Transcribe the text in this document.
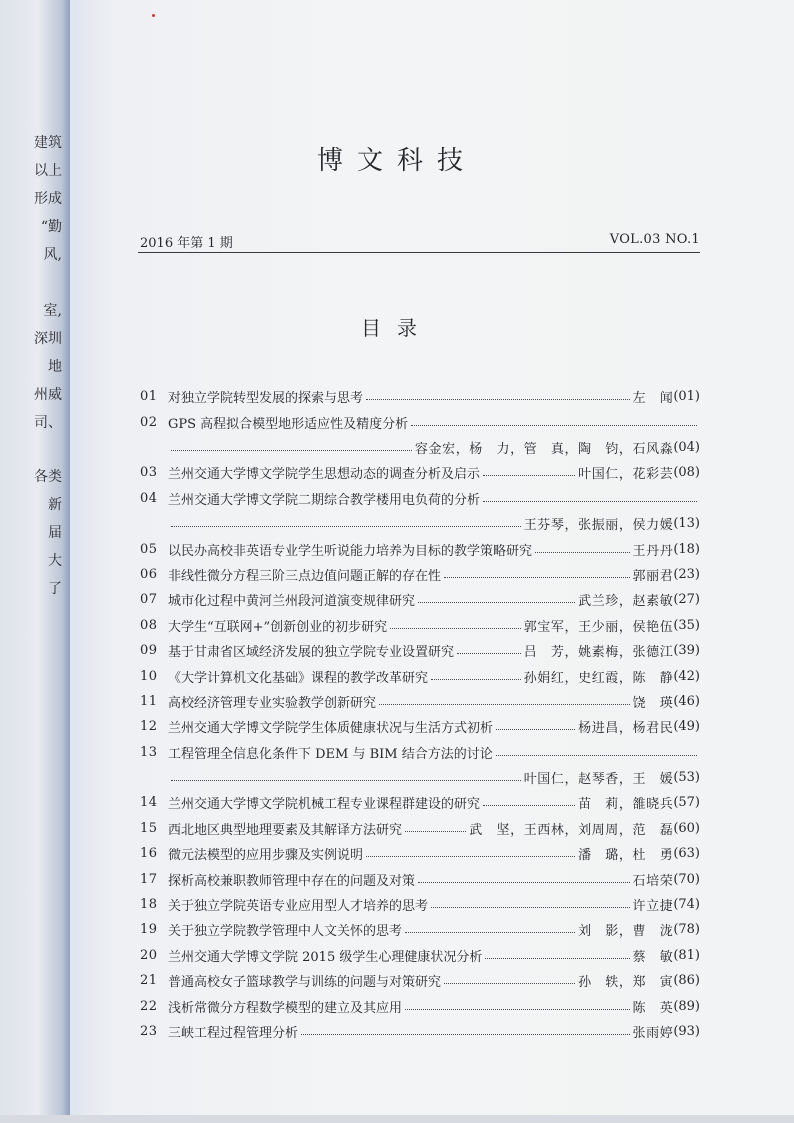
建筑
以上
形成
“勤
风,
室,
深圳
地
州威
司、
各类
新
届
大
了
博文科技
2016 年第 1 期	VOL.03 NO.1
目录
01 对独立学院转型发展的探索与思考	左　闻 (01)
02 GPS 高程拟合模型地形适应性及精度分析
容金宏，杨　力，管　真，陶　钧，石风淼 (04)
03 兰州交通大学博文学院学生思想动态的调查分析及启示	叶国仁，花彩芸 (08)
04 兰州交通大学博文学院二期综合教学楼用电负荷的分析
王芬琴，张振丽，侯力媛 (13)
05 以民办高校非英语专业学生听说能力培养为目标的教学策略研究	王丹丹 (18)
06 非线性微分方程三阶三点边值问题正解的存在性	郭丽君 (23)
07 城市化过程中黄河兰州段河道演变规律研究	武兰珍，赵素敏 (27)
08 大学生“互联网+”创新创业的初步研究	郭宝军，王少丽，侯艳伍 (35)
09 基于甘肃省区域经济发展的独立学院专业设置研究	吕　芳，姚素梅，张德江 (39)
10 《大学计算机文化基础》课程的教学改革研究	孙娟红，史红霞，陈　静 (42)
11 高校经济管理专业实验教学创新研究	饶　瑛 (46)
12 兰州交通大学博文学院学生体质健康状况与生活方式初析	杨进昌，杨君民 (49)
13 工程管理全信息化条件下 DEM 与 BIM 结合方法的讨论
叶国仁，赵琴香，王　媛 (53)
14 兰州交通大学博文学院机械工程专业课程群建设的研究	苗　莉，雒晓兵 (57)
15 西北地区典型地理要素及其解译方法研究	武　坚，王西林，刘周周，范　磊 (60)
16 微元法模型的应用步骤及实例说明	潘　璐，杜　勇 (63)
17 探析高校兼职教师管理中存在的问题及对策	石培荣 (70)
18 关于独立学院英语专业应用型人才培养的思考	许立捷 (74)
19 关于独立学院教学管理中人文关怀的思考	刘　影，曹　泷 (78)
20 兰州交通大学博文学院 2015 级学生心理健康状况分析	蔡　敏 (81)
21 普通高校女子篮球教学与训练的问题与对策研究	孙　轶，郑　寅 (86)
22 浅析常微分方程数学模型的建立及其应用	陈　英 (89)
23 三峡工程过程管理分析	张雨婷 (93)
